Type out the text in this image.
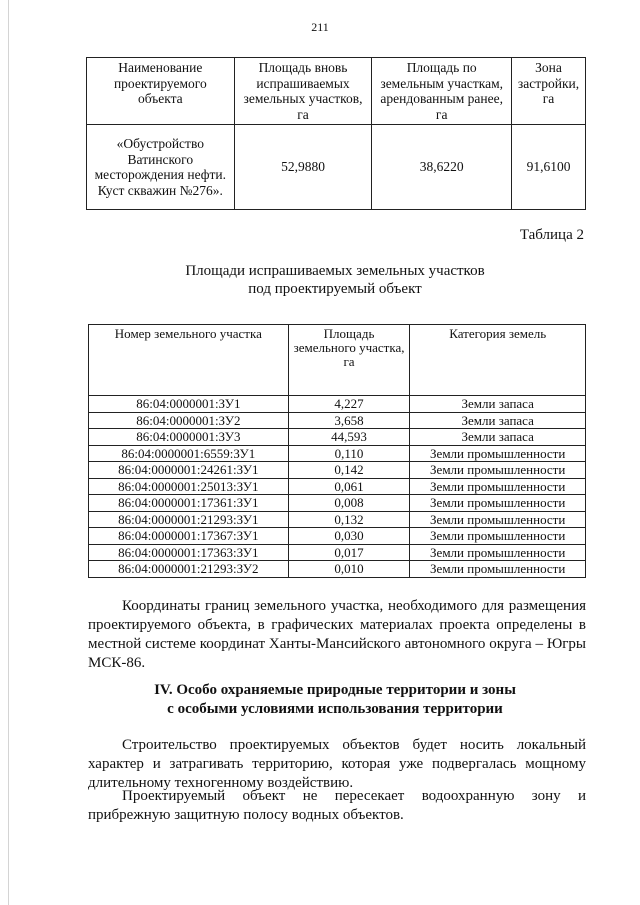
211
Наименование проектируемого объекта	Площадь вновь испрашиваемых земельных участков, га	Площадь по земельным участкам, арендованным ранее, га	Зона застройки, га
«Обустройство Ватинского месторождения нефти. Куст скважин №276».	52,9880	38,6220	91,6100
Таблица 2
Площади испрашиваемых земельных участков
под проектируемый объект
Номер земельного участка	Площадь земельного участка, га	Категория земель
86:04:0000001:ЗУ1	4,227	Земли запаса
86:04:0000001:ЗУ2	3,658	Земли запаса
86:04:0000001:ЗУ3	44,593	Земли запаса
86:04:0000001:6559:ЗУ1	0,110	Земли промышленности
86:04:0000001:24261:ЗУ1	0,142	Земли промышленности
86:04:0000001:25013:ЗУ1	0,061	Земли промышленности
86:04:0000001:17361:ЗУ1	0,008	Земли промышленности
86:04:0000001:21293:ЗУ1	0,132	Земли промышленности
86:04:0000001:17367:ЗУ1	0,030	Земли промышленности
86:04:0000001:17363:ЗУ1	0,017	Земли промышленности
86:04:0000001:21293:ЗУ2	0,010	Земли промышленности

Координаты границ земельного участка, необходимого для размещения проектируемого объекта, в графических материалах проекта определены в местной системе координат Ханты-Мансийского автономного округа – Югры МСК-86.

IV. Особо охраняемые природные территории и зоны
с особыми условиями использования территории

Строительство проектируемых объектов будет носить локальный характер и затрагивать территорию, которая уже подвергалась мощному длительному техногенному воздействию.

Проектируемый объект не пересекает водоохранную зону и прибрежную защитную полосу водных объектов.
